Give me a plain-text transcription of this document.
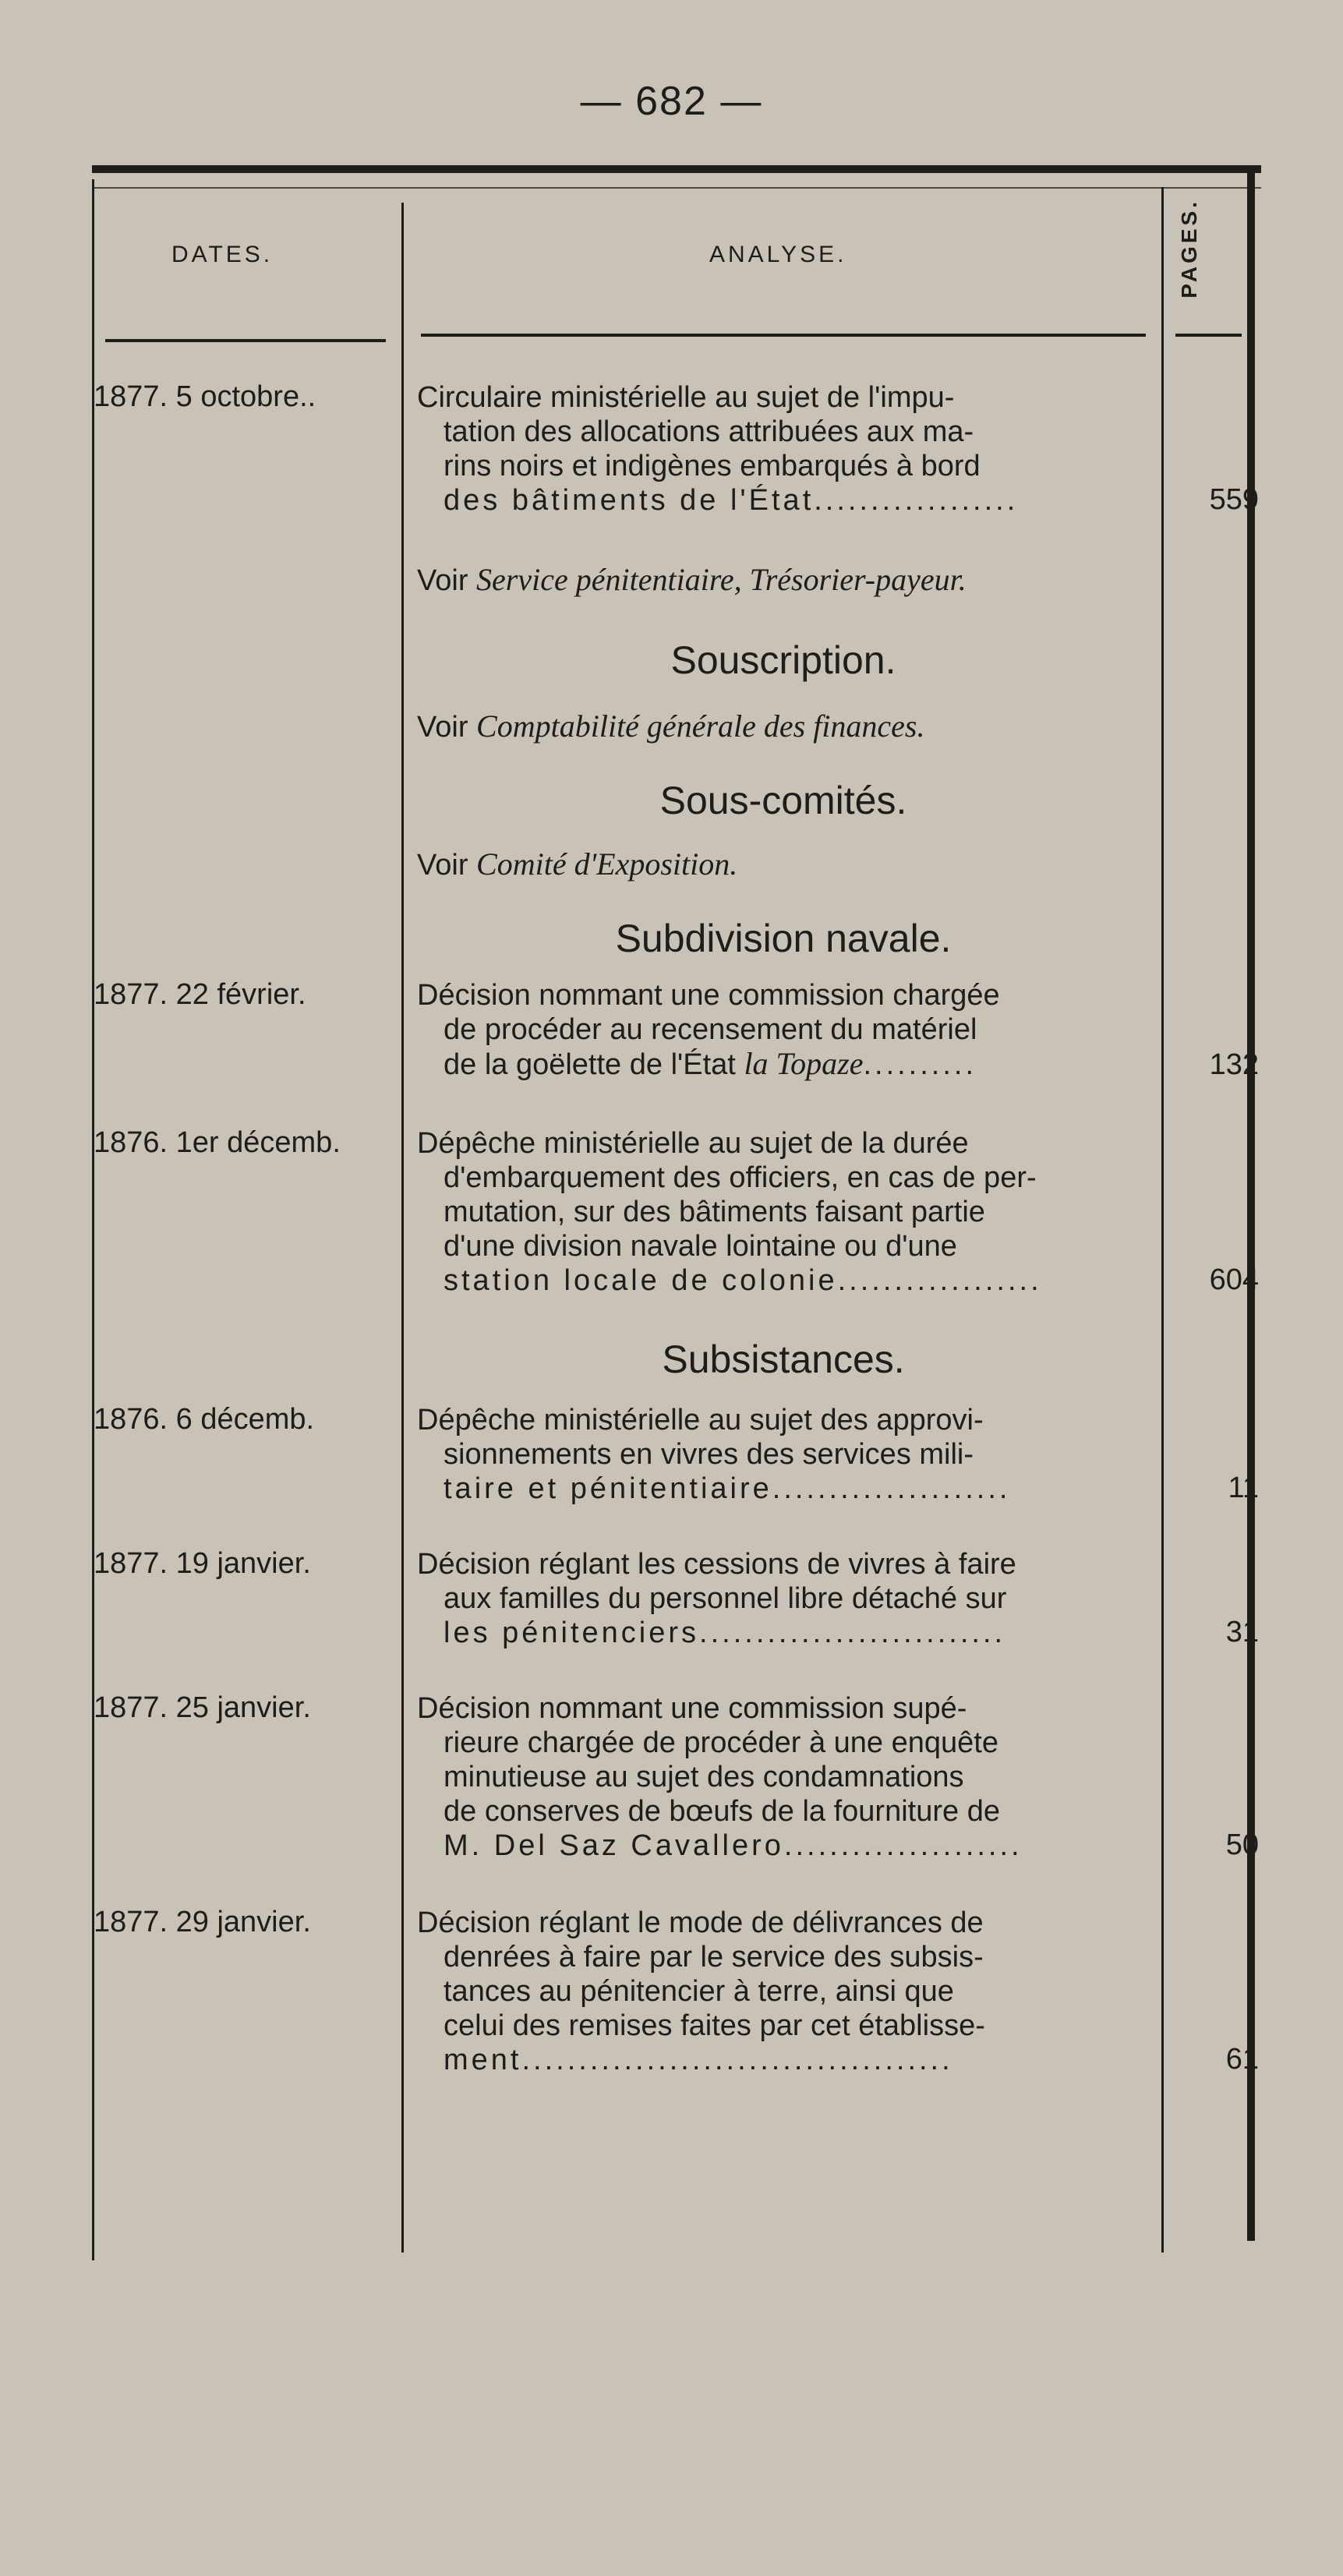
— 682 —
DATES.	ANALYSE.	PAGES.
1877. 5 octobre..	Circulaire ministérielle au sujet de l'impu-
tation des allocations attribuées aux ma-
rins noirs et indigènes embarqués à bord
des bâtiments de l'État..................	559
Voir Service pénitentiaire, Trésorier-payeur.
Souscription.
Voir Comptabilité générale des finances.
Sous-comités.
Voir Comité d'Exposition.
Subdivision navale.
1877. 22 février.	Décision nommant une commission chargée
de procéder au recensement du matériel
de la goëlette de l'État la Topaze..........	132
1876. 1er décemb.	Dépêche ministérielle au sujet de la durée
d'embarquement des officiers, en cas de per-
mutation, sur des bâtiments faisant partie
d'une division navale lointaine ou d'une
station locale de colonie..................	604
Subsistances.
1876. 6 décemb.	Dépêche ministérielle au sujet des approvi-
sionnements en vivres des services mili-
taire et pénitentiaire.....................	11
1877. 19 janvier.	Décision réglant les cessions de vivres à faire
aux familles du personnel libre détaché sur
les pénitenciers...........................	31
1877. 25 janvier.	Décision nommant une commission supé-
rieure chargée de procéder à une enquête
minutieuse au sujet des condamnations
de conserves de bœufs de la fourniture de
M. Del Saz Cavallero.....................	50
1877. 29 janvier.	Décision réglant le mode de délivrances de
denrées à faire par le service des subsis-
tances au pénitencier à terre, ainsi que
celui des remises faites par cet établisse-
ment......................................	61
